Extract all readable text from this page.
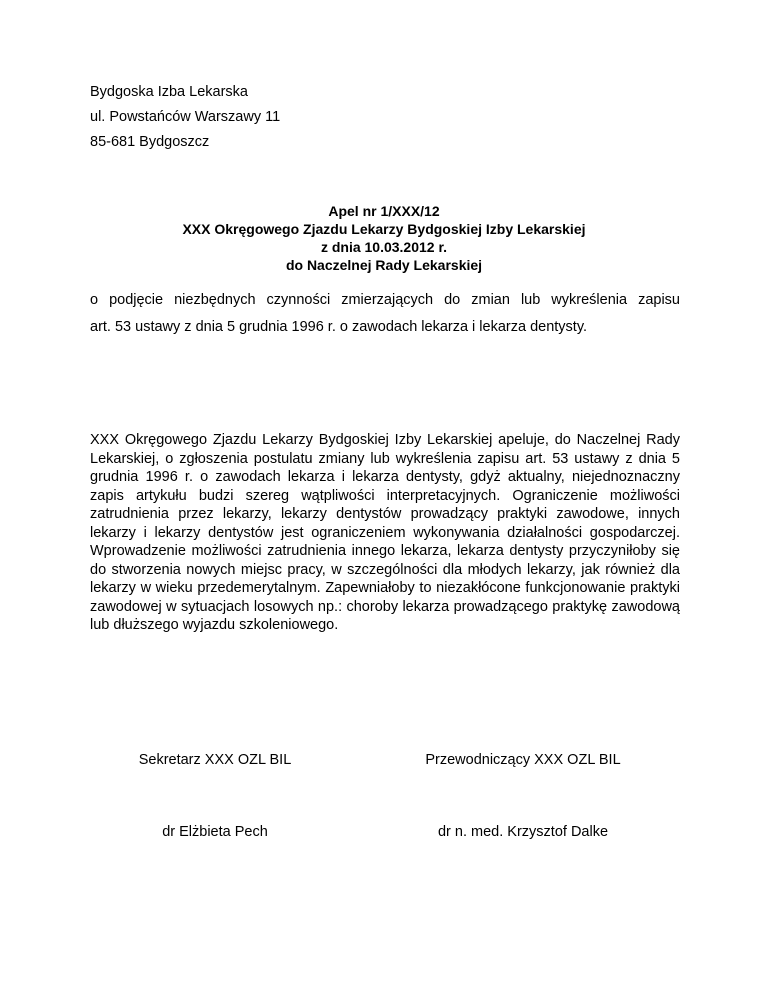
Bydgoska Izba Lekarska
ul. Powstańców Warszawy 11
85-681 Bydgoszcz
Apel nr 1/XXX/12
XXX Okręgowego Zjazdu Lekarzy Bydgoskiej Izby Lekarskiej
z dnia 10.03.2012 r.
do Naczelnej Rady Lekarskiej

o podjęcie niezbędnych czynności zmierzających do zmian lub wykreślenia zapisu

art. 53 ustawy z dnia 5 grudnia 1996 r. o zawodach lekarza i lekarza dentysty.

XXX Okręgowego Zjazdu Lekarzy Bydgoskiej Izby Lekarskiej apeluje, do Naczelnej Rady Lekarskiej, o zgłoszenia postulatu zmiany lub wykreślenia zapisu art. 53 ustawy z dnia 5 grudnia 1996 r. o zawodach lekarza i lekarza dentysty, gdyż aktualny, niejednoznaczny zapis artykułu budzi szereg wątpliwości interpretacyjnych. Ograniczenie możliwości zatrudnienia przez lekarzy, lekarzy dentystów prowadzący praktyki zawodowe, innych lekarzy i lekarzy dentystów jest ograniczeniem wykonywania działalności gospodarczej. Wprowadzenie możliwości zatrudnienia innego lekarza, lekarza dentysty przyczyniłoby się do stworzenia nowych miejsc pracy, w szczególności dla młodych lekarzy, jak również dla lekarzy w wieku przedemerytalnym. Zapewniałoby to niezakłócone funkcjonowanie praktyki zawodowej w sytuacjach losowych np.: choroby lekarza prowadzącego praktykę zawodową lub dłuższego wyjazdu szkoleniowego.
Sekretarz XXX OZL BIL	Przewodniczący XXX OZL BIL
dr Elżbieta Pech	dr n. med. Krzysztof Dalke
